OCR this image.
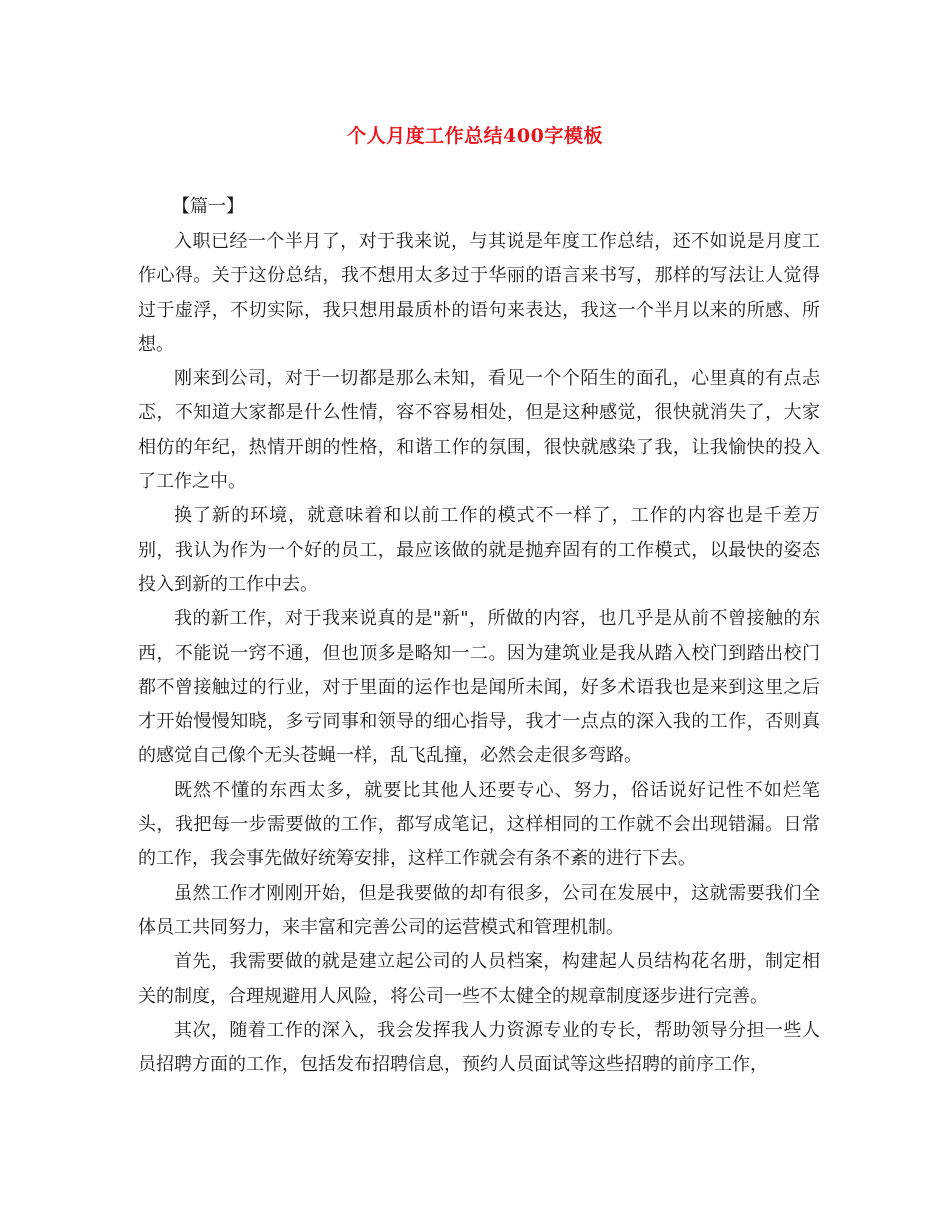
个人月度工作总结400字模板
【篇一】

入职已经一个半月了，对于我来说，与其说是年度工作总结，还不如说是月度工作心得。关于这份总结，我不想用太多过于华丽的语言来书写，那样的写法让人觉得过于虚浮，不切实际，我只想用最质朴的语句来表达，我这一个半月以来的所感、所想。

刚来到公司，对于一切都是那么未知，看见一个个陌生的面孔，心里真的有点忐忑，不知道大家都是什么性情，容不容易相处，但是这种感觉，很快就消失了，大家相仿的年纪，热情开朗的性格，和谐工作的氛围，很快就感染了我，让我愉快的投入了工作之中。

换了新的环境，就意味着和以前工作的模式不一样了，工作的内容也是千差万别，我认为作为一个好的员工，最应该做的就是抛弃固有的工作模式，以最快的姿态投入到新的工作中去。

我的新工作，对于我来说真的是"新"，所做的内容，也几乎是从前不曾接触的东西，不能说一窍不通，但也顶多是略知一二。因为建筑业是我从踏入校门到踏出校门都不曾接触过的行业，对于里面的运作也是闻所未闻，好多术语我也是来到这里之后才开始慢慢知晓，多亏同事和领导的细心指导，我才一点点的深入我的工作，否则真的感觉自己像个无头苍蝇一样，乱飞乱撞，必然会走很多弯路。

既然不懂的东西太多，就要比其他人还要专心、努力，俗话说好记性不如烂笔头，我把每一步需要做的工作，都写成笔记，这样相同的工作就不会出现错漏。日常的工作，我会事先做好统筹安排，这样工作就会有条不紊的进行下去。

虽然工作才刚刚开始，但是我要做的却有很多，公司在发展中，这就需要我们全体员工共同努力，来丰富和完善公司的运营模式和管理机制。

首先，我需要做的就是建立起公司的人员档案，构建起人员结构花名册，制定相关的制度，合理规避用人风险，将公司一些不太健全的规章制度逐步进行完善。

其次，随着工作的深入，我会发挥我人力资源专业的专长，帮助领导分担一些人员招聘方面的工作，包括发布招聘信息，预约人员面试等这些招聘的前序工作，
